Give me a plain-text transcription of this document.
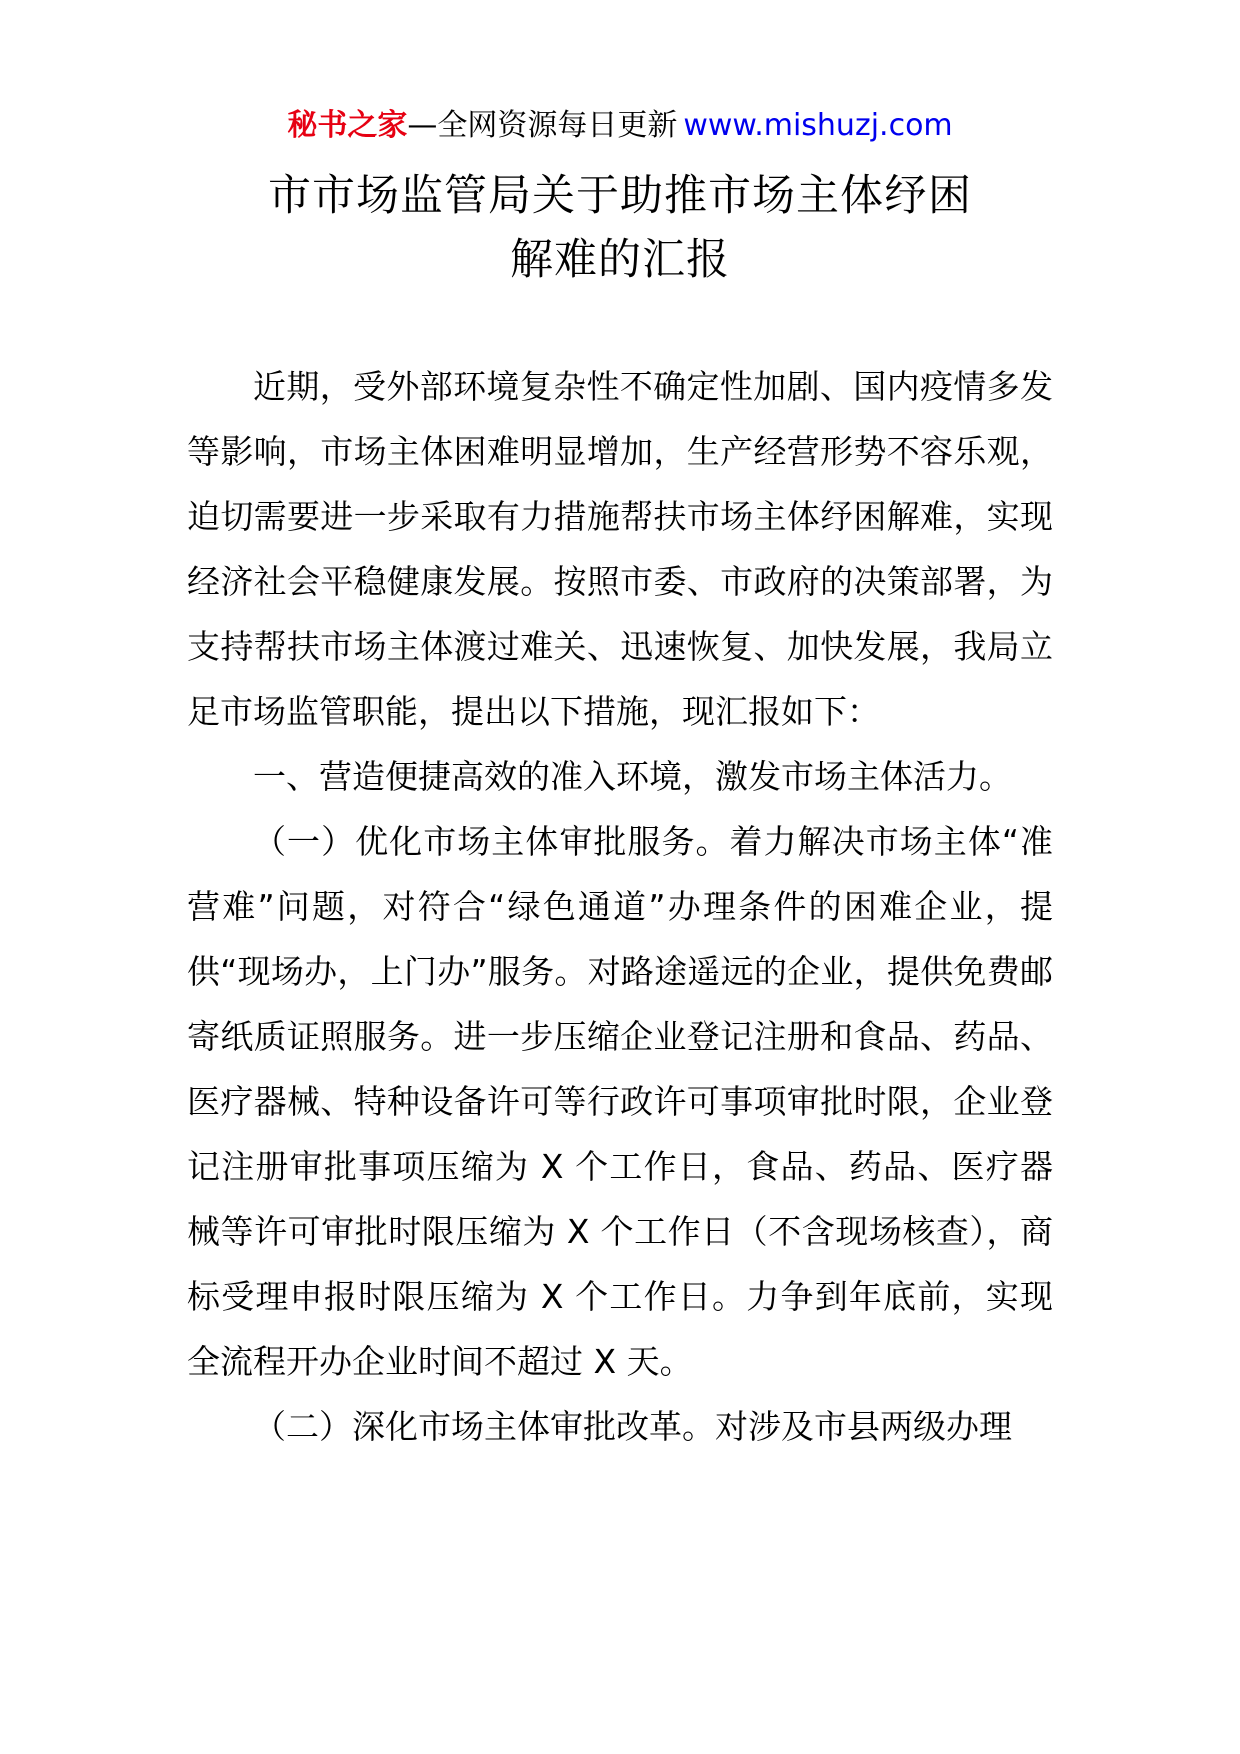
秘书之家—全网资源每日更新 www.mishuzj.com
市市场监管局关于助推市场主体纾困
解难的汇报

近期，受外部环境复杂性不确定性加剧、国内疫情多发等影响，市场主体困难明显增加，生产经营形势不容乐观，迫切需要进一步采取有力措施帮扶市场主体纾困解难，实现经济社会平稳健康发展。按照市委、市政府的决策部署，为支持帮扶市场主体渡过难关、迅速恢复、加快发展，我局立足市场监管职能，提出以下措施，现汇报如下：

一、营造便捷高效的准入环境，激发市场主体活力。

（一）优化市场主体审批服务。着力解决市场主体“准营难”问题，对符合“绿色通道”办理条件的困难企业，提供“现场办，上门办”服务。对路途遥远的企业，提供免费邮寄纸质证照服务。进一步压缩企业登记注册和食品、药品、医疗器械、特种设备许可等行政许可事项审批时限，企业登记注册审批事项压缩为 X 个工作日，食品、药品、医疗器械等许可审批时限压缩为 X 个工作日（不含现场核查），商标受理申报时限压缩为 X 个工作日。力争到年底前，实现全流程开办企业时间不超过 X 天。

（二）深化市场主体审批改革。对涉及市县两级办理
